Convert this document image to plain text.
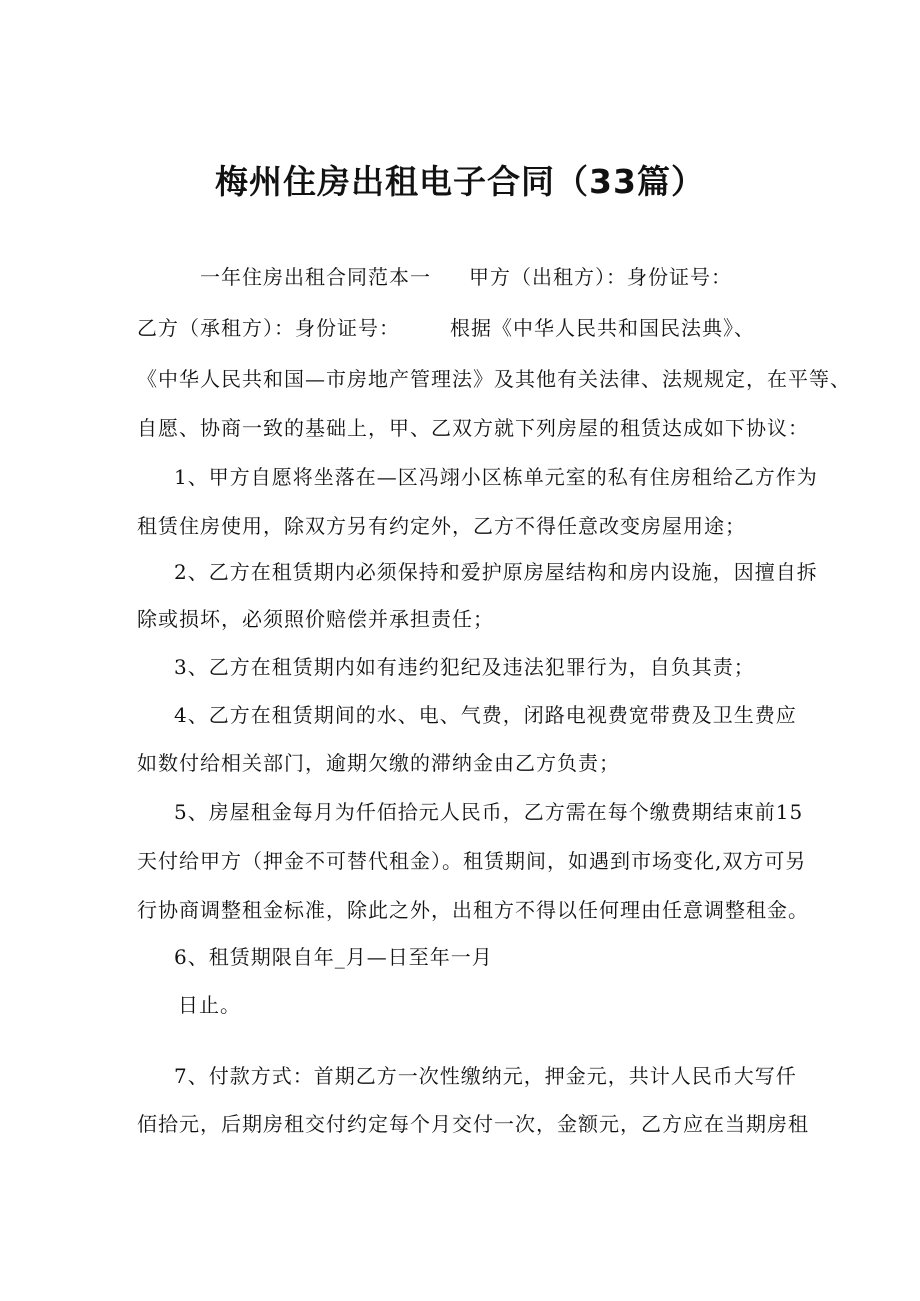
梅州住房出租电子合同（33篇）

一年住房出租合同范本一 甲方（出租方）：身份证号：

乙方（承租方）：身份证号：	根据《中华人民共和国民法典》、

《中华人民共和国—市房地产管理法》及其他有关法律、法规规定，在平等、

自愿、协商一致的基础上，甲、乙双方就下列房屋的租赁达成如下协议：

1、甲方自愿将坐落在—区冯翊小区栋单元室的私有住房租给乙方作为

租赁住房使用，除双方另有约定外，乙方不得任意改变房屋用途；

2、乙方在租赁期内必须保持和爱护原房屋结构和房内设施，因擅自拆

除或损坏，必须照价赔偿并承担责任；

3、乙方在租赁期内如有违约犯纪及违法犯罪行为，自负其责；

4、乙方在租赁期间的水、电、气费，闭路电视费宽带费及卫生费应

如数付给相关部门，逾期欠缴的滞纳金由乙方负责；

5、房屋租金每月为仟佰拾元人民币，乙方需在每个缴费期结束前15

天付给甲方（押金不可替代租金）。租赁期间，如遇到市场变化,双方可另

行协商调整租金标准，除此之外，出租方不得以任何理由任意调整租金。

6、租赁期限自年_月—日至年一月

日止。

7、付款方式：首期乙方一次性缴纳元，押金元，共计人民币大写仟

佰拾元，后期房租交付约定每个月交付一次，金额元，乙方应在当期房租
